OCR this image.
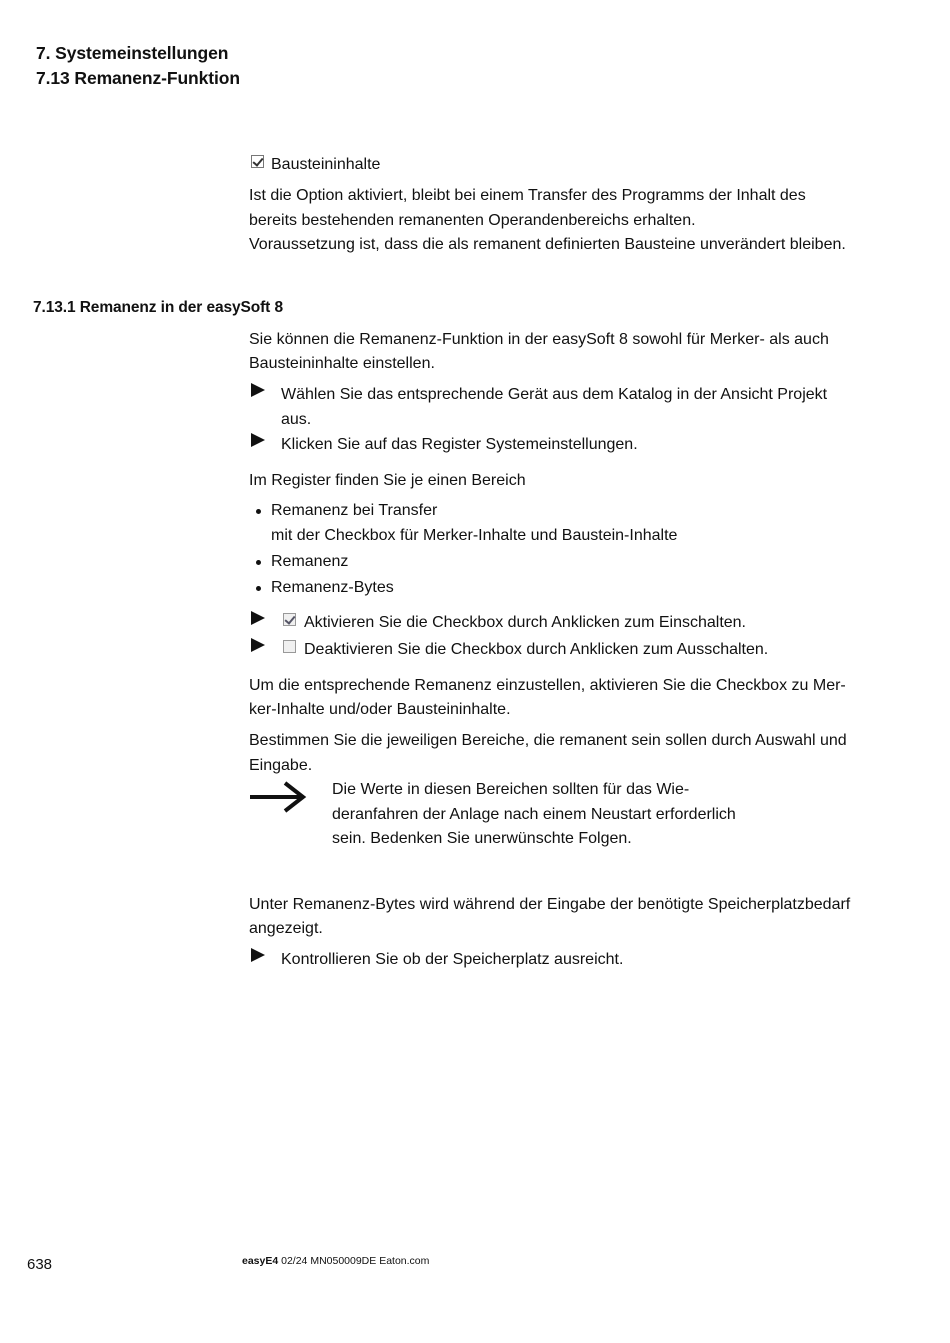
7. Systemeinstellungen
7.13 Remanenz-Funktion
Bausteininhalte
Ist die Option aktiviert, bleibt bei einem Transfer des Programms der Inhalt des
bereits bestehenden remanenten Operandenbereichs erhalten.
Voraussetzung ist, dass die als remanent definierten Bausteine unverändert bleiben.
7.13.1 Remanenz in der easySoft 8
Sie können die Remanenz-Funktion in der easySoft 8 sowohl für Merker- als auch
Bausteininhalte einstellen.
Wählen Sie das entsprechende Gerät aus dem Katalog in der Ansicht Projekt
aus.
Klicken Sie auf das Register Systemeinstellungen.
Im Register finden Sie je einen Bereich
Remanenz bei Transfer
mit der Checkbox für Merker-Inhalte und Baustein-Inhalte
Remanenz
Remanenz-Bytes
Aktivieren Sie die Checkbox durch Anklicken zum Einschalten.
Deaktivieren Sie die Checkbox durch Anklicken zum Ausschalten.
Um die entsprechende Remanenz einzustellen, aktivieren Sie die Checkbox zu Mer-
ker-Inhalte und/oder Bausteininhalte.
Bestimmen Sie die jeweiligen Bereiche, die remanent sein sollen durch Auswahl und
Eingabe.
Die Werte in diesen Bereichen sollten für das Wie-
deranfahren der Anlage nach einem Neustart erforderlich
sein. Bedenken Sie unerwünschte Folgen.
Unter Remanenz-Bytes wird während der Eingabe der benötigte Speicherplatzbedarf
angezeigt.
Kontrollieren Sie ob der Speicherplatz ausreicht.
638	easyE4 02/24 MN050009DE Eaton.com
